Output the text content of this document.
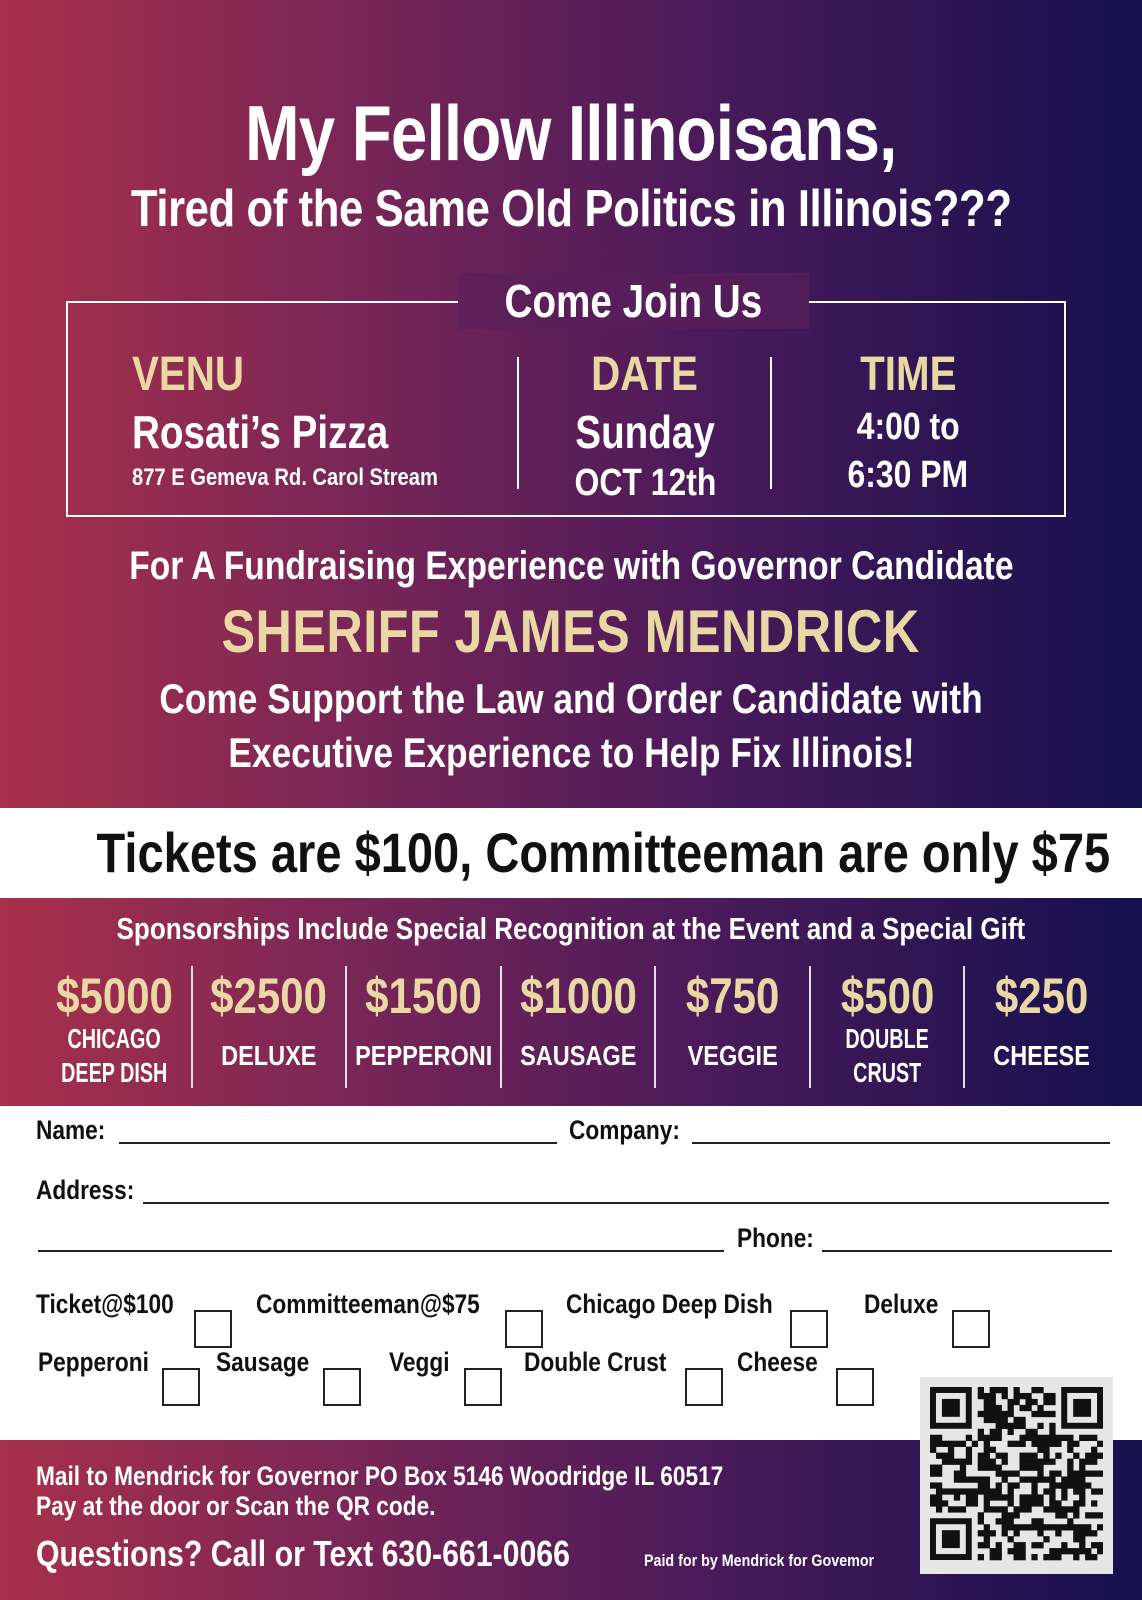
My Fellow Illinoisans,
Tired of the Same Old Politics in Illinois???
Come Join Us
VENU
Rosati’s Pizza
877 E Gemeva Rd. Carol Stream
DATE
Sunday
OCT 12th
TIME
4:00 to
6:30 PM
For A Fundraising Experience with Governor Candidate
SHERIFF JAMES MENDRICK
Come Support the Law and Order Candidate with
Executive Experience to Help Fix Illinois!
Tickets are $100, Committeeman are only $75
Sponsorships Include Special Recognition at the Event and a Special Gift
$5000
CHICAGO
DEEP DISH
$2500
DELUXE
$1500
PEPPERONI
$1000
SAUSAGE
$750
VEGGIE
$500
DOUBLE
CRUST
$250
CHEESE
Name:	Company:
Address:
Phone:
Ticket@$100	Committeeman@$75	Chicago Deep Dish	Deluxe
Pepperoni	Sausage	Veggi	Double Crust	Cheese
Mail to Mendrick for Governor PO Box 5146 Woodridge IL 60517
Pay at the door or Scan the QR code.
Questions? Call or Text 630-661-0066	Paid for by Mendrick for Govemor
